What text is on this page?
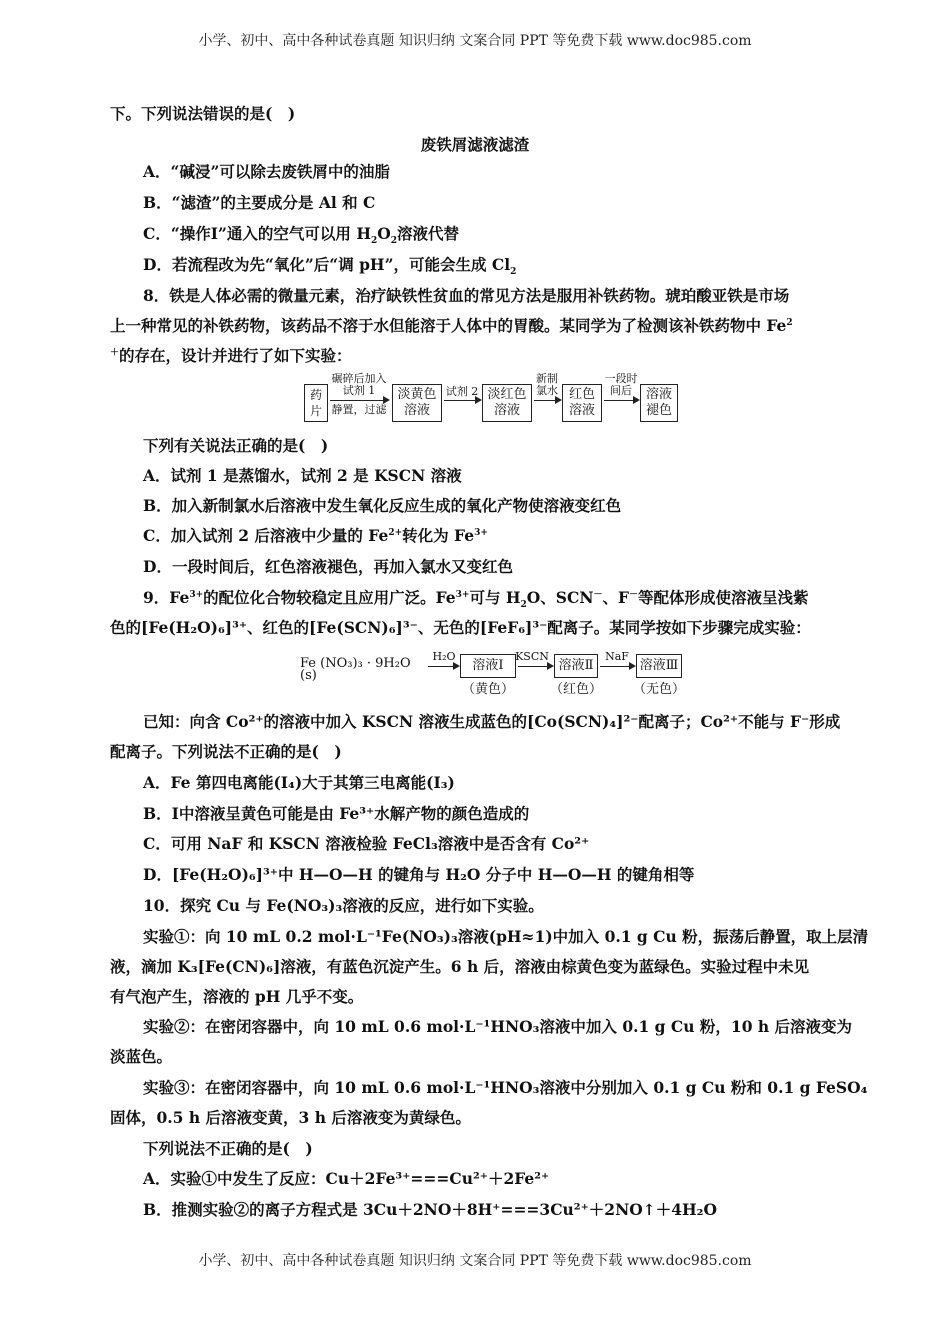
小学、初中、高中各种试卷真题 知识归纳 文案合同 PPT 等免费下载 www.doc985.com
下。下列说法错误的是(　)
废铁屑滤液滤渣
A．“碱浸”可以除去废铁屑中的油脂
B．“滤渣”的主要成分是 Al 和 C
C．“操作Ⅰ”通入的空气可以用 $H_2O_2$溶液代替
D．若流程改为先“氧化”后“调 pH”，可能会生成 $Cl_2$
8．铁是人体必需的微量元素，治疗缺铁性贫血的常见方法是服用补铁药物。琥珀酸亚铁是市场
上一种常见的补铁药物，该药品不溶于水但能溶于人体中的胃酸。某同学为了检测该补铁药物中 Fe$^2$
＋的存在，设计并进行了如下实验：
药片
碾碎后加入试剂 1
静置，过滤
淡黄色溶液
试剂 2 淡红色溶液
新制氯水 红色溶液
一段时间后	溶液褪色
下列有关说法正确的是(　)
A．试剂 1 是蒸馏水，试剂 2 是 KSCN 溶液
B．加入新制氯水后溶液中发生氧化反应生成的氧化产物使溶液变红色
C．加入试剂 2 后溶液中少量的 $Fe^{2+}$转化为 $Fe^{3+}$
D．一段时间后，红色溶液褪色，再加入氯水又变红色
9．$Fe^{3+}$的配位化合物较稳定且应用广泛。$Fe^{3+}$可与 $H_2O$、SCN－、F－等配体形成使溶液呈浅紫
色的[Fe(H₂O)₆]³⁺、红色的[Fe(SCN)₆]³⁻、无色的[FeF₆]³⁻配离子。某同学按如下步骤完成实验：
Fe (NO₃)₃ · 9H₂O (s)
H₂O
溶液Ⅰ
（黄色）
KSCN
溶液Ⅱ
（红色）
NaF
溶液Ⅲ
（无色）
已知：向含 Co²⁺的溶液中加入 KSCN 溶液生成蓝色的[Co(SCN)₄]²⁻配离子；Co²⁺不能与 F⁻形成
配离子。下列说法不正确的是(　)
A．Fe 第四电离能(I₄)大于其第三电离能(I₃)
B．Ⅰ中溶液呈黄色可能是由 Fe³⁺水解产物的颜色造成的
C．可用 NaF 和 KSCN 溶液检验 FeCl₃溶液中是否含有 Co²⁺
D．[Fe(H₂O)₆]³⁺中 H—O—H 的键角与 H₂O 分子中 H—O—H 的键角相等
10．探究 Cu 与 Fe(NO₃)₃溶液的反应，进行如下实验。
实验①：向 10 mL 0.2 mol·L⁻¹Fe(NO₃)₃溶液(pH≈1)中加入 0.1 g Cu 粉，振荡后静置，取上层清
液，滴加 K₃[Fe(CN)₆]溶液，有蓝色沉淀产生。6 h 后，溶液由棕黄色变为蓝绿色。实验过程中未见
有气泡产生，溶液的 pH 几乎不变。
实验②：在密闭容器中，向 10 mL 0.6 mol·L⁻¹HNO₃溶液中加入 0.1 g Cu 粉，10 h 后溶液变为
淡蓝色。
实验③：在密闭容器中，向 10 mL 0.6 mol·L⁻¹HNO₃溶液中分别加入 0.1 g Cu 粉和 0.1 g FeSO₄
固体，0.5 h 后溶液变黄，3 h 后溶液变为黄绿色。
下列说法不正确的是(　)
A．实验①中发生了反应：Cu＋2Fe³⁺===Cu²⁺＋2Fe²⁺
B．推测实验②的离子方程式是 3Cu＋2NO＋8H⁺===3Cu²⁺＋2NO↑＋4H₂O
小学、初中、高中各种试卷真题 知识归纳 文案合同 PPT 等免费下载 www.doc985.com
